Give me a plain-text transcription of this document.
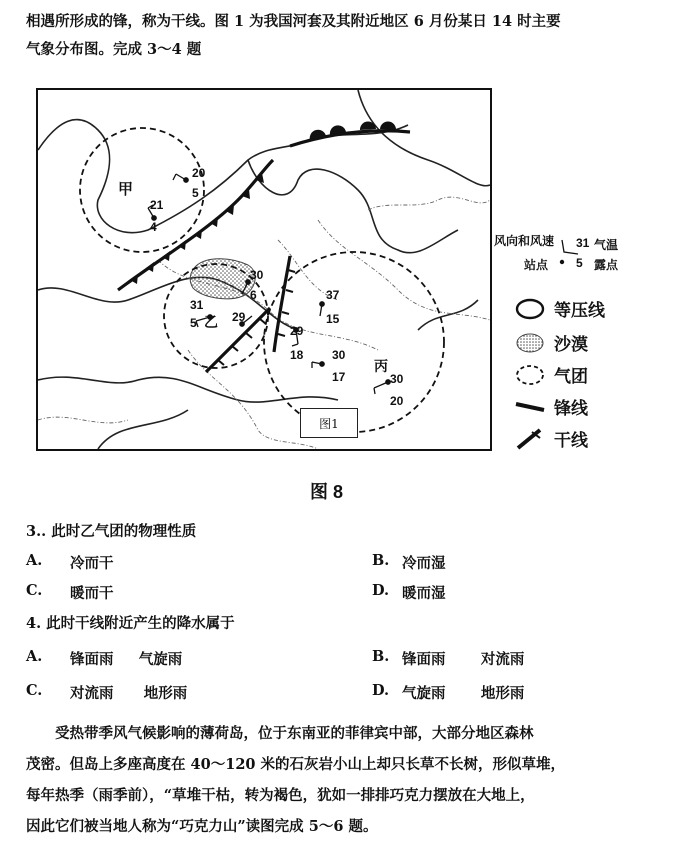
相遇所形成的锋，称为干线。图 1 为我国河套及其附近地区 6 月份某日 14 时主要
气象分布图。完成 3～4 题
甲
20
5
21
4
30
6
31
5 乙 29
37
15
29
18 30
17
丙
30
20
图1
风向和风速 31 气温
站点 5 露点
等压线
沙漠
气团
锋线
干线
图 8
3.. 此时乙气团的物理性质
A. 冷而干	B. 冷而湿
C. 暖而干	D. 暖而湿
4. 此时干线附近产生的降水属于
A. 锋面雨     气旋雨	B. 锋面雨       对流雨
C. 对流雨      地形雨	D. 气旋雨       地形雨

受热带季风气候影响的薄荷岛，位于东南亚的菲律宾中部，大部分地区森林

茂密。但岛上多座高度在 40～120 米的石灰岩小山上却只长草不长树，形似草堆，

每年热季（雨季前），“草堆干枯，转为褐色，犹如一排排巧克力摆放在大地上，

因此它们被当地人称为“巧克力山”读图完成 5～6 题。
